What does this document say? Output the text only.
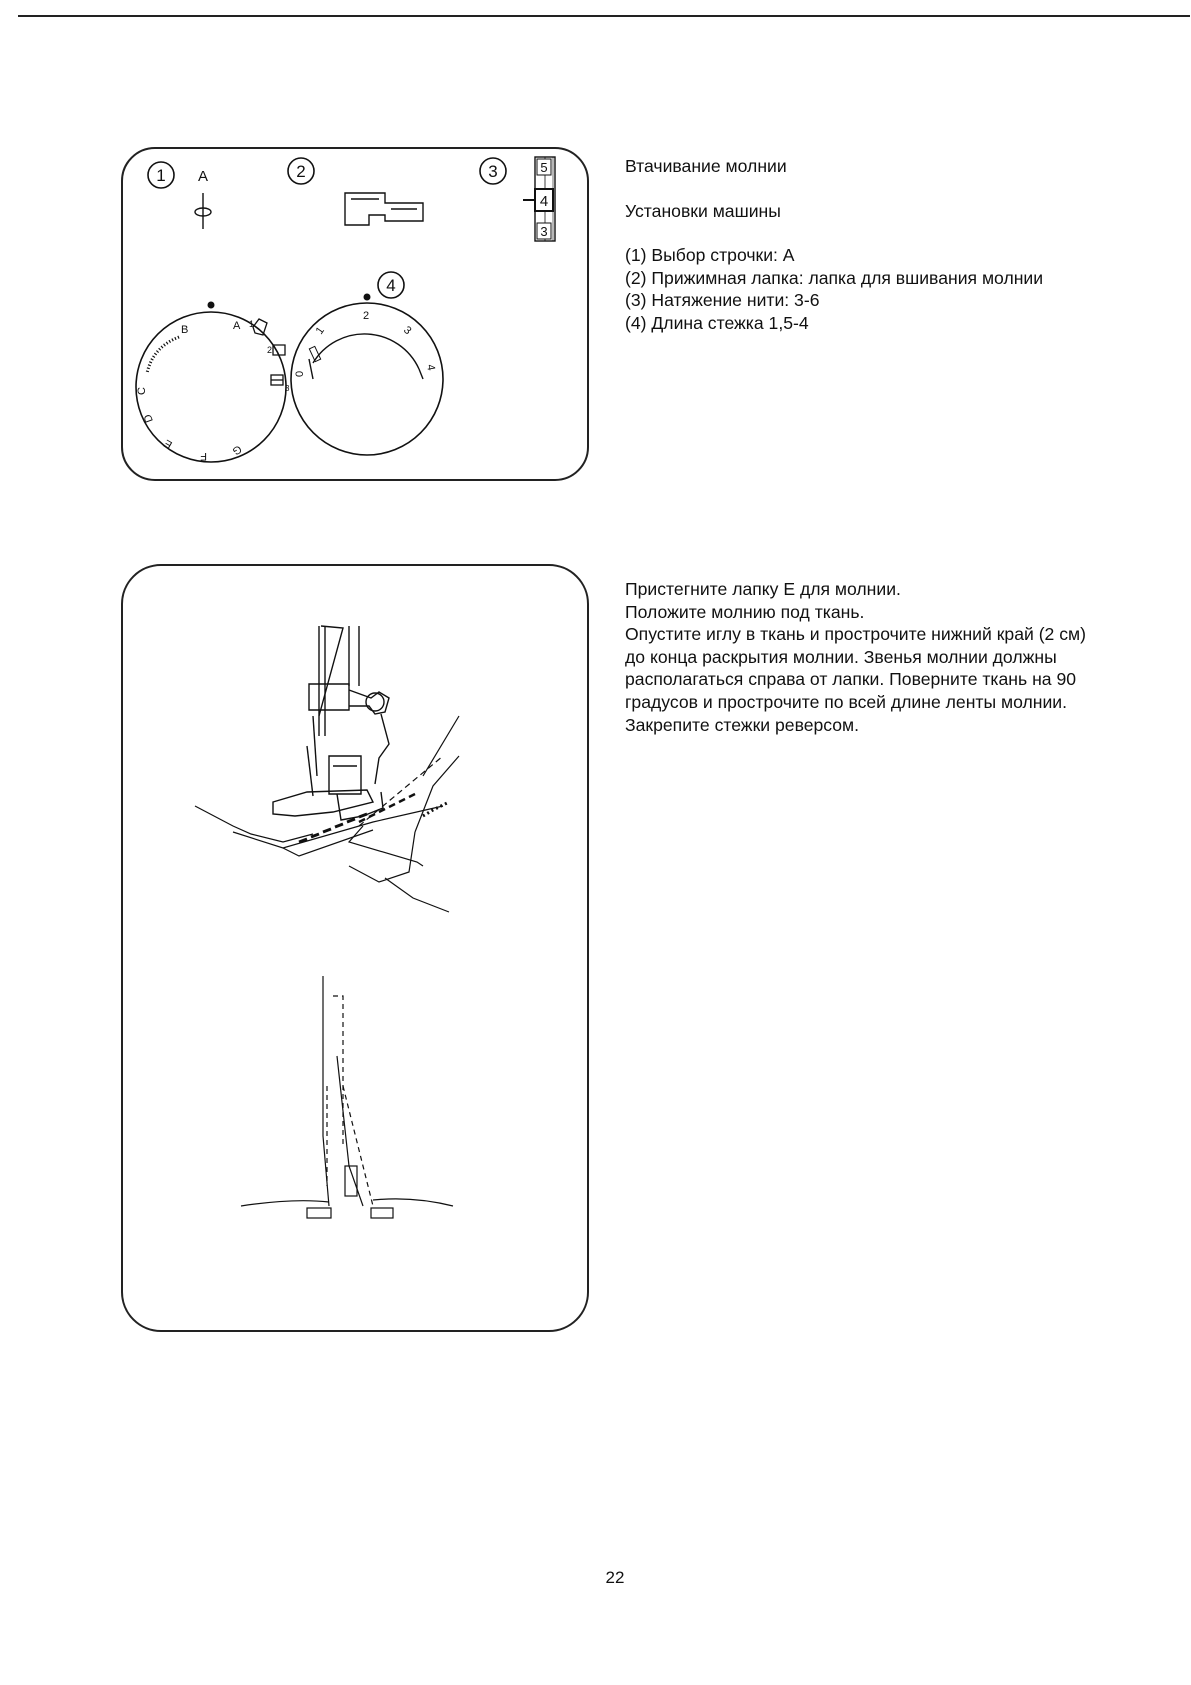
1 A	2	3	5
4
3
4
A
B
C
D
E
F G
1
2
3
0
1
2
3
4

Втачивание молнии

Установки машины

(1) Выбор строчки: А

(2) Прижимная лапка: лапка для вшивания молнии

(3) Натяжение нити: 3-6

(4) Длина стежка 1,5-4

Пристегните лапку Е для молнии.

Положите молнию под ткань.

Опустите иглу в ткань и прострочите нижний край (2 см) до конца раскрытия молнии. Звенья молнии должны располагаться справа от лапки. Поверните ткань на 90 градусов и прострочите по всей длине ленты молнии. Закрепите стежки реверсом.

22
